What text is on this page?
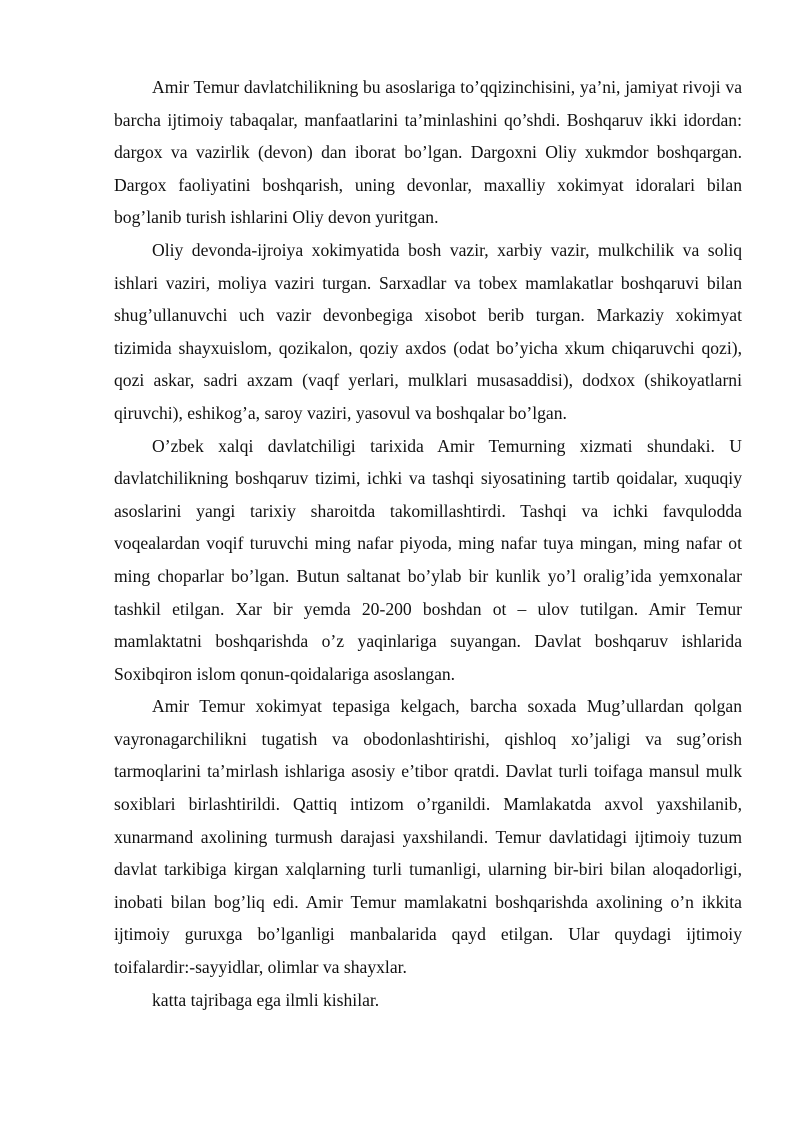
Amir Temur davlatchilikning bu asoslariga to’qqizinchisini, ya’ni, jamiyat rivoji va barcha ijtimoiy tabaqalar, manfaatlarini ta’minlashini qo’shdi. Boshqaruv ikki idordan: dargox va vazirlik (devon) dan iborat bo’lgan. Dargoxni Oliy xukmdor boshqargan. Dargox faoliyatini boshqarish, uning devonlar, maxalliy xokimyat idoralari bilan bog’lanib turish ishlarini Oliy devon yuritgan.

Oliy devonda-ijroiya xokimyatida bosh vazir, xarbiy vazir, mulkchilik va soliq ishlari vaziri, moliya vaziri turgan. Sarxadlar va tobex mamlakatlar boshqaruvi bilan shug’ullanuvchi uch vazir devonbegiga xisobot berib turgan. Markaziy xokimyat tizimida shayxuislom, qozikalon, qoziy axdos (odat bo’yicha xkum chiqaruvchi qozi), qozi askar, sadri axzam (vaqf yerlari, mulklari musasaddisi), dodxox (shikoyatlarni qiruvchi), eshikog’a, saroy vaziri, yasovul va boshqalar bo’lgan.

O’zbek xalqi davlatchiligi tarixida Amir Temurning xizmati shundaki. U davlatchilikning boshqaruv tizimi, ichki va tashqi siyosatining tartib qoidalar, xuquqiy asoslarini yangi tarixiy sharoitda takomillashtirdi. Tashqi va ichki favqulodda voqealardan voqif turuvchi ming nafar piyoda, ming nafar tuya mingan, ming nafar ot ming choparlar bo’lgan. Butun saltanat bo’ylab bir kunlik yo’l oralig’ida yemxonalar tashkil etilgan. Xar bir yemda 20-200 boshdan ot – ulov tutilgan. Amir Temur mamlaktatni boshqarishda o’z yaqinlariga suyangan. Davlat boshqaruv ishlarida Soxibqiron islom qonun-qoidalariga asoslangan.

Amir Temur xokimyat tepasiga kelgach, barcha soxada Mug’ullardan qolgan vayronagarchilikni tugatish va obodonlashtirishi, qishloq xo’jaligi va sug’orish tarmoqlarini ta’mirlash ishlariga asosiy e’tibor qratdi. Davlat turli toifaga mansul mulk soxiblari birlashtirildi. Qattiq intizom o’rganildi. Mamlakatda axvol yaxshilanib, xunarmand axolining turmush darajasi yaxshilandi. Temur davlatidagi ijtimoiy tuzum davlat tarkibiga kirgan xalqlarning turli tumanligi, ularning bir-biri bilan aloqadorligi, inobati bilan bog’liq edi. Amir Temur mamlakatni boshqarishda axolining o’n ikkita ijtimoiy guruxga bo’lganligi manbalarida qayd etilgan. Ular quydagi ijtimoiy toifalardir:-sayyidlar, olimlar va shayxlar.

katta tajribaga ega ilmli kishilar.
